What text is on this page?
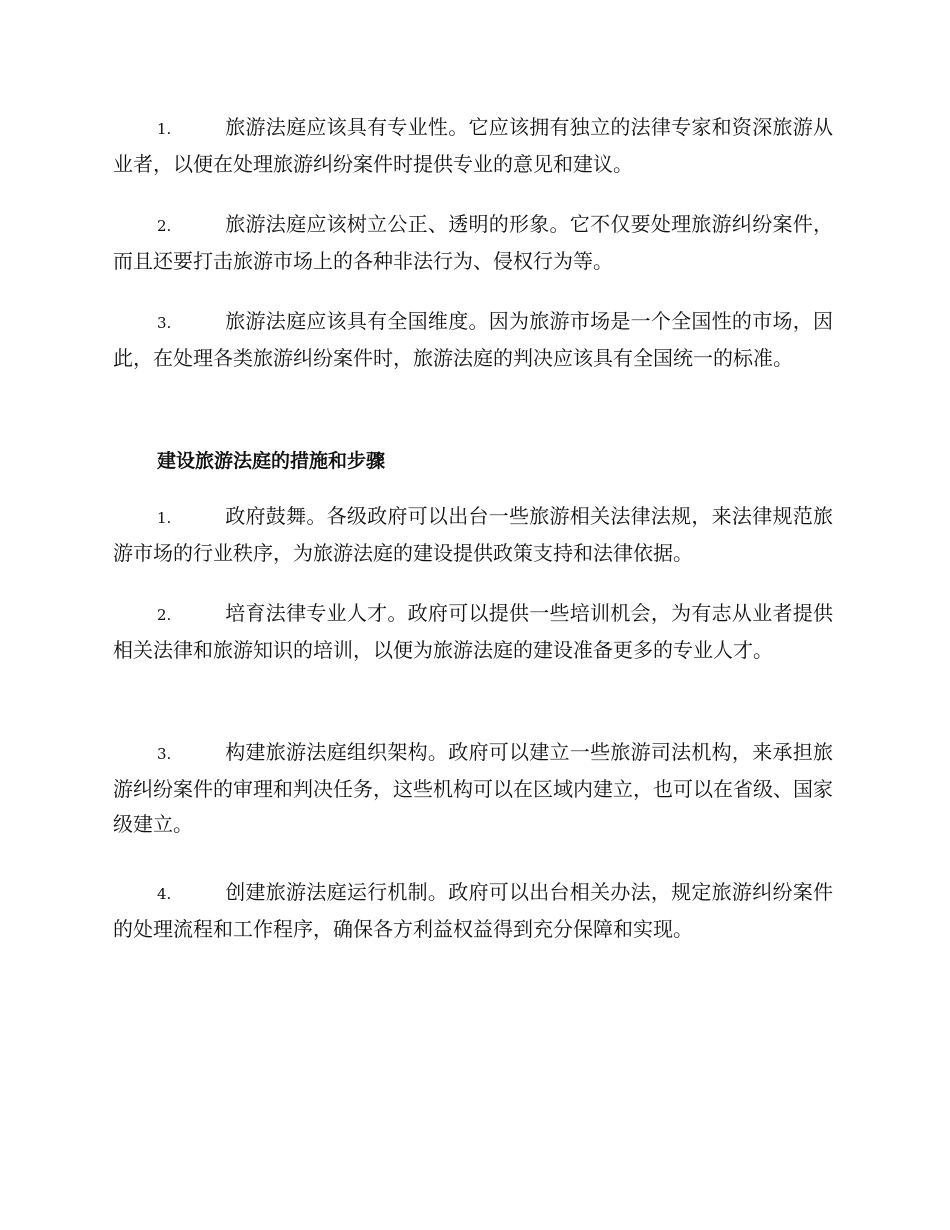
1.	旅游法庭应该具有专业性。它应该拥有独立的法律专家和资深旅游从业者，以便在处理旅游纠纷案件时提供专业的意见和建议。

2.	旅游法庭应该树立公正、透明的形象。它不仅要处理旅游纠纷案件，而且还要打击旅游市场上的各种非法行为、侵权行为等。

3.	旅游法庭应该具有全国维度。因为旅游市场是一个全国性的市场，因此，在处理各类旅游纠纷案件时，旅游法庭的判决应该具有全国统一的标准。

建设旅游法庭的措施和步骤

1.	政府鼓舞。各级政府可以出台一些旅游相关法律法规，来法律规范旅游市场的行业秩序，为旅游法庭的建设提供政策支持和法律依据。

2.	培育法律专业人才。政府可以提供一些培训机会，为有志从业者提供相关法律和旅游知识的培训，以便为旅游法庭的建设准备更多的专业人才。

3.	构建旅游法庭组织架构。政府可以建立一些旅游司法机构，来承担旅游纠纷案件的审理和判决任务，这些机构可以在区域内建立，也可以在省级、国家级建立。

4.	创建旅游法庭运行机制。政府可以出台相关办法，规定旅游纠纷案件的处理流程和工作程序，确保各方利益权益得到充分保障和实现。
